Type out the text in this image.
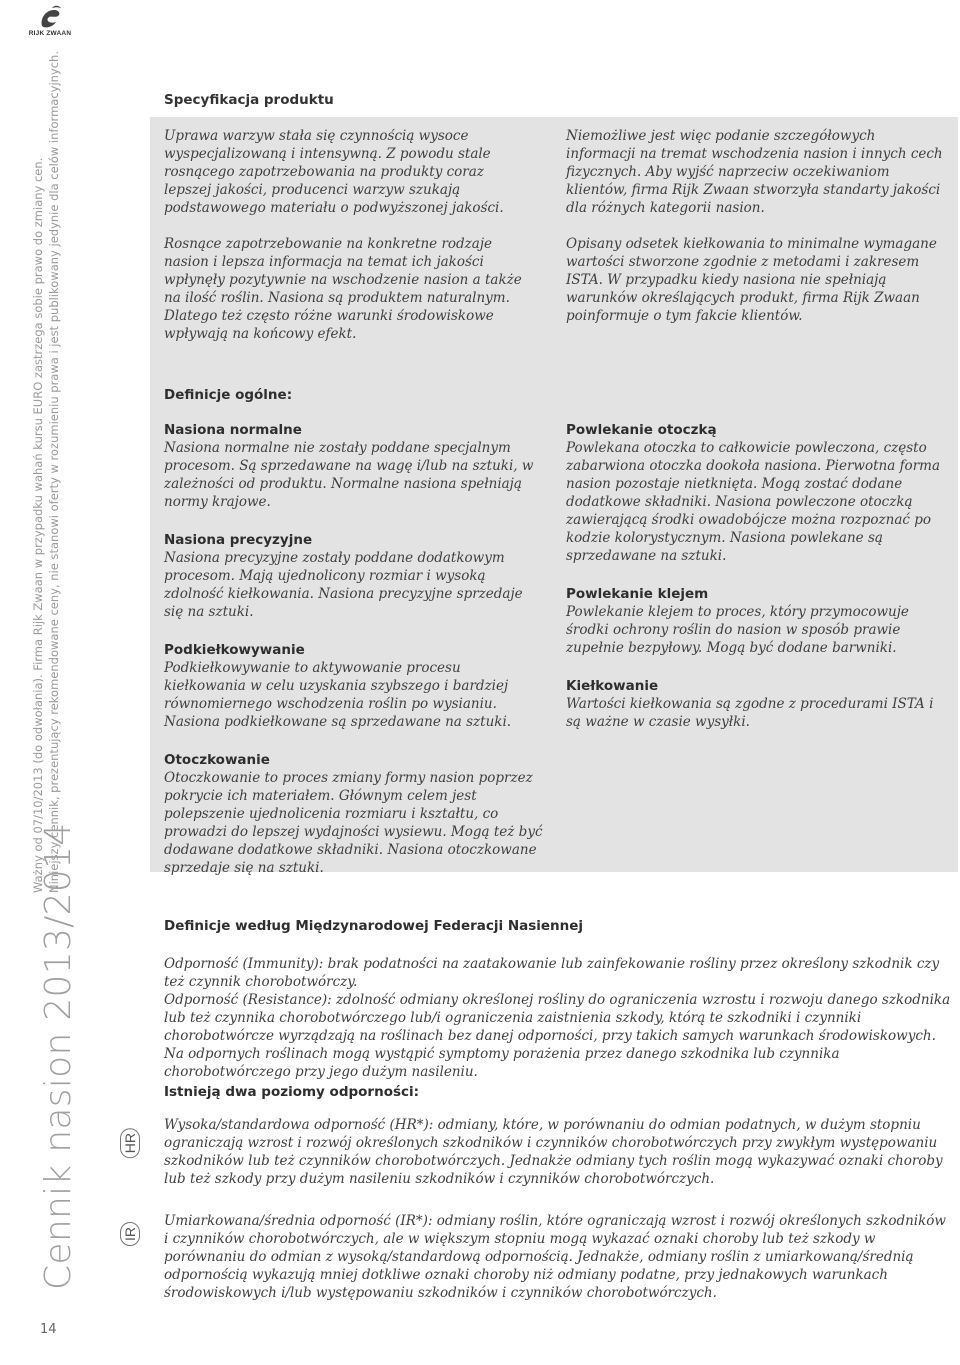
RIJK ZWAAN
Ważny od 07/10/2013 (do odwołania). Firma Rijk Zwaan w przypadku wahań kursu EURO zastrzega sobie prawo do zmiany cen. Niniejszy cennik, prezentujący rekomendowane ceny, nie stanowi oferty w rozumieniu prawa i jest publikowany jedynie dla celów informacyjnych.
Cennik nasion 2013/2014	HR
IR
14
Specyfikacja produktu

Uprawa warzyw stała się czynnością wysoce wyspecjalizowaną i intensywną. Z powodu stale rosnącego zapotrzebowania na produkty coraz lepszej jakości, producenci warzyw szukają podstawowego materiału o podwyższonej jakości.

Rosnące zapotrzebowanie na konkretne rodzaje nasion i lepsza informacja na temat ich jakości wpłynęły pozytywnie na wschodzenie nasion a także na ilość roślin. Nasiona są produktem naturalnym. Dlatego też często różne warunki środowiskowe wpływają na końcowy efekt.

Niemożliwe jest więc podanie szczegółowych informacji na tremat wschodzenia nasion i innych cech fizycznych. Aby wyjść naprzeciw oczekiwaniom klientów, firma Rijk Zwaan stworzyła standarty jakości dla różnych kategorii nasion.

Opisany odsetek kiełkowania to minimalne wymagane wartości stworzone zgodnie z metodami i zakresem ISTA. W przypadku kiedy nasiona nie spełniają warunków określających produkt, firma Rijk Zwaan poinformuje o tym fakcie klientów.

Definicje ogólne:
Nasiona normalne

Nasiona normalne nie zostały poddane specjalnym procesom. Są sprzedawane na wagę i/lub na sztuki, w zależności od produktu. Normalne nasiona spełniają normy krajowe.

Nasiona precyzyjne

Nasiona precyzyjne zostały poddane dodatkowym procesom. Mają ujednolicony rozmiar i wysoką zdolność kiełkowania. Nasiona precyzyjne sprzedaje się na sztuki.

Podkiełkowywanie

Podkiełkowywanie to aktywowanie procesu kiełkowania w celu uzyskania szybszego i bardziej równomiernego wschodzenia roślin po wysianiu. Nasiona podkiełkowane są sprzedawane na sztuki.

Otoczkowanie

Otoczkowanie to proces zmiany formy nasion poprzez pokrycie ich materiałem. Głównym celem jest polepszenie ujednolicenia rozmiaru i kształtu, co prowadzi do lepszej wydajności wysiewu. Mogą też być dodawane dodatkowe składniki. Nasiona otoczkowane sprzedaje się na sztuki.

Powlekanie otoczką

Powlekana otoczka to całkowicie powleczona, często zabarwiona otoczka dookoła nasiona. Pierwotna forma nasion pozostaje nietknięta. Mogą zostać dodane dodatkowe składniki. Nasiona powleczone otoczką zawierającą środki owadobójcze można rozpoznać po kodzie kolorystycznym. Nasiona powlekane są sprzedawane na sztuki.

Powlekanie klejem

Powlekanie klejem to proces, który przymocowuje środki ochrony roślin do nasion w sposób prawie zupełnie bezpyłowy. Mogą być dodane barwniki.

Kiełkowanie

Wartości kiełkowania są zgodne z procedurami ISTA i są ważne w czasie wysyłki.

Definicje według Międzynarodowej Federacji Nasiennej

Odporność (Immunity): brak podatności na zaatakowanie lub zainfekowanie rośliny przez określony szkodnik czy też czynnik chorobotwórczy.

Odporność (Resistance): zdolność odmiany określonej rośliny do ograniczenia wzrostu i rozwoju danego szkodnika lub też czynnika chorobotwórczego lub/i ograniczenia zaistnienia szkody, którą te szkodniki i czynniki chorobotwórcze wyrządzają na roślinach bez danej odporności, przy takich samych warunkach środowiskowych. Na odpornych roślinach mogą wystąpić symptomy porażenia przez danego szkodnika lub czynnika chorobotwórczego przy jego dużym nasileniu.

Istnieją dwa poziomy odporności:

Wysoka/standardowa odporność (HR*): odmiany, które, w porównaniu do odmian podatnych, w dużym stopniu ograniczają wzrost i rozwój określonych szkodników i czynników chorobotwórczych przy zwykłym występowaniu szkodników lub też czynników chorobotwórczych. Jednakże odmiany tych roślin mogą wykazywać oznaki choroby lub też szkody przy dużym nasileniu szkodników i czynników chorobotwórczych.

Umiarkowana/średnia odporność (IR*): odmiany roślin, które ograniczają wzrost i rozwój określonych szkodników i czynników chorobotwórczych, ale w większym stopniu mogą wykazać oznaki choroby lub też szkody w porównaniu do odmian z wysoką/standardową odpornością. Jednakże, odmiany roślin z umiarkowaną/średnią odpornością wykazują mniej dotkliwe oznaki choroby niż odmiany podatne, przy jednakowych warunkach środowiskowych i/lub występowaniu szkodników i czynników chorobotwórczych.
